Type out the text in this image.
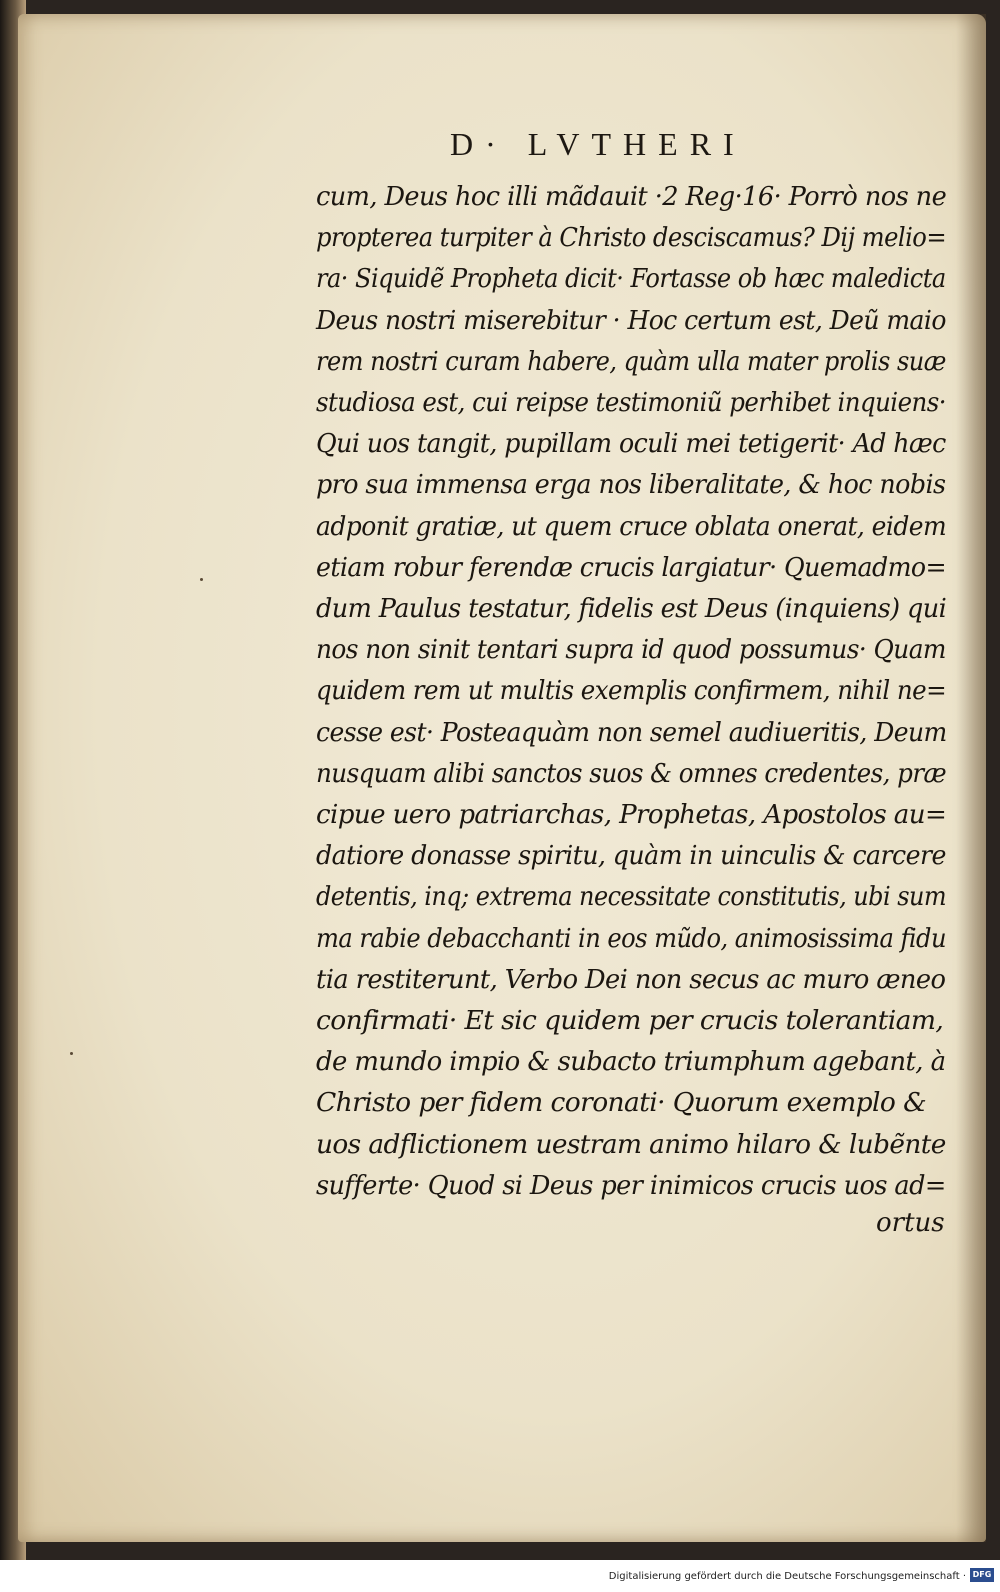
D· LVTHERI
cum, Deus hoc illi mãdauit ·2 Reg·16· Porrò nos ne
propterea turpiter à Christo desciscamus? Dij melio=
ra· Siquidẽ Propheta dicit· Fortasse ob hæc maledicta
Deus nostri miserebitur · Hoc certum est, Deũ maio
rem nostri curam habere, quàm ulla mater prolis suæ
studiosa est, cui reipse testimoniũ perhibet inquiens·
Qui uos tangit, pupillam oculi mei tetigerit· Ad hæc
pro sua immensa erga nos liberalitate, & hoc nobis
adponit gratiæ, ut quem cruce oblata onerat, eidem
etiam robur ferendæ crucis largiatur· Quemadmo=
dum Paulus testatur, fidelis est Deus (inquiens) qui
nos non sinit tentari supra id quod possumus· Quam
quidem rem ut multis exemplis confirmem, nihil ne=
cesse est· Posteaquàm non semel audiueritis, Deum
nusquam alibi sanctos suos & omnes credentes, præ
cipue uero patriarchas, Prophetas, Apostolos au=
datiore donasse spiritu, quàm in uinculis & carcere
detentis, inq; extrema necessitate constitutis, ubi sum
ma rabie debacchanti in eos mũdo, animosissima fidu
tia restiterunt, Verbo Dei non secus ac muro æneo
confirmati· Et sic quidem per crucis tolerantiam,
de mundo impio & subacto triumphum agebant, à
Christo per fidem coronati· Quorum exemplo &
uos adflictionem uestram animo hilaro & lubẽnte
sufferte· Quod si Deus per inimicos crucis uos ad=
ortus
Digitalisierung gefördert durch die Deutsche Forschungsgemeinschaft · DFG
